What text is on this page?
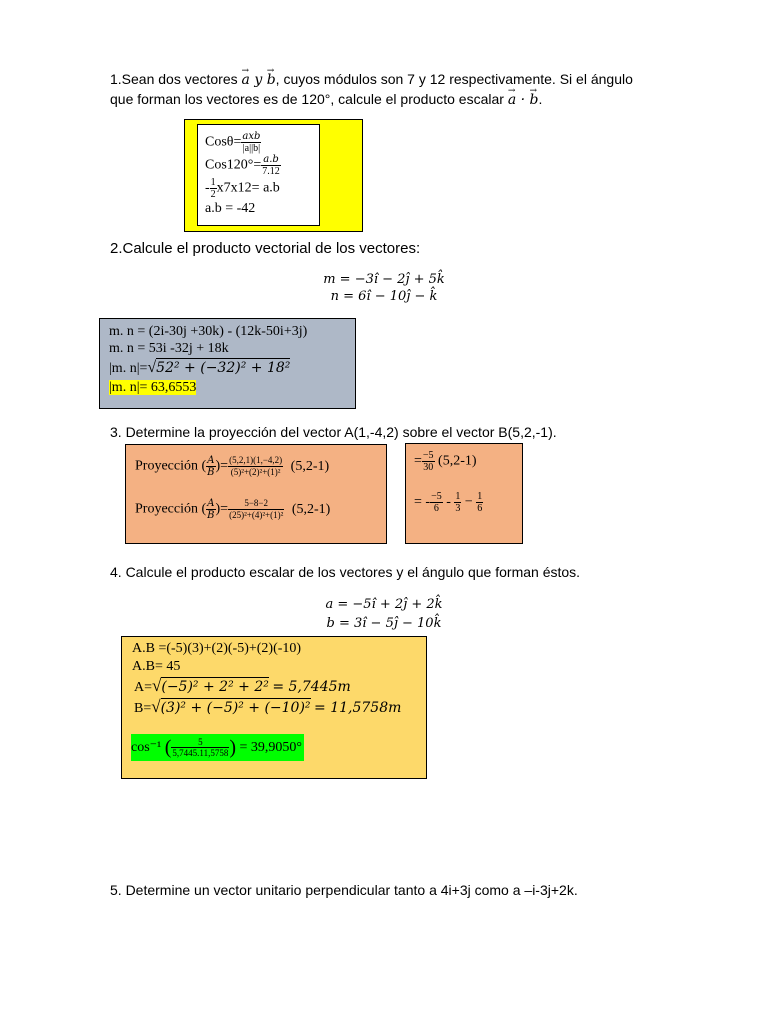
1.Sean dos vectores → a y → b, cuyos módulos son 7 y 12 respectivamente. Si el ángulo
que forman los vectores es de 120°, calcule el producto escalar → a · → b.
$Cos\theta= \frac{\text{axb}}{|a||b|}$
$Cos120^\circ= \frac{a.b}{7.12}$
- $\frac{1}{2} x7x12= a.b$
a.b = -42
2.Calcule el producto vectorial de los vectores:
m = −3î − 2ĵ + 5k̂
n = 6î − 10ĵ − k̂
m. n = (2i-30j +30k) - (12k-50i+3j)
m. n = 53i -32j + 18k
|m. n|=√52² + (−32)² + 18²
|m. n|= 63,6553
3. Determine la proyección del vector A(1,-4,2) sobre el vector B(5,2,-1).
Proyección ( $\frac{A}{B}$ )= $\frac{(5,2,1)(1,-4,2)}{\text{(5)²+(2)²+(1)²}} (5,2-1)$
Proyección ( $\frac{A}{B}$ )= $\frac{5-8-2}{\text{(25)²+(4)²+(1)²}} (5,2-1)$
= $\frac{-5}{30} (5,2-1)$
= - $\frac{-5}{6} - \frac{1}{3} - \frac{1}{6}$
4. Calcule el producto escalar de los vectores y el ángulo que forman éstos.
a = −5î + 2ĵ + 2k̂
b = 3î − 5ĵ − 10k̂
A.B =(-5)(3)+(2)(-5)+(2)(-10)
A.B= 45
A=√(−5)² + 2² + 2² = 5,7445m
B=√(3)² + (−5)² + (−10)² = 11,5758m
cos⁻¹ ( $\frac{5}{5,7445.11,5758}$ ) = 39,9050°
5. Determine un vector unitario perpendicular tanto a 4i+3j como a –i-3j+2k.
